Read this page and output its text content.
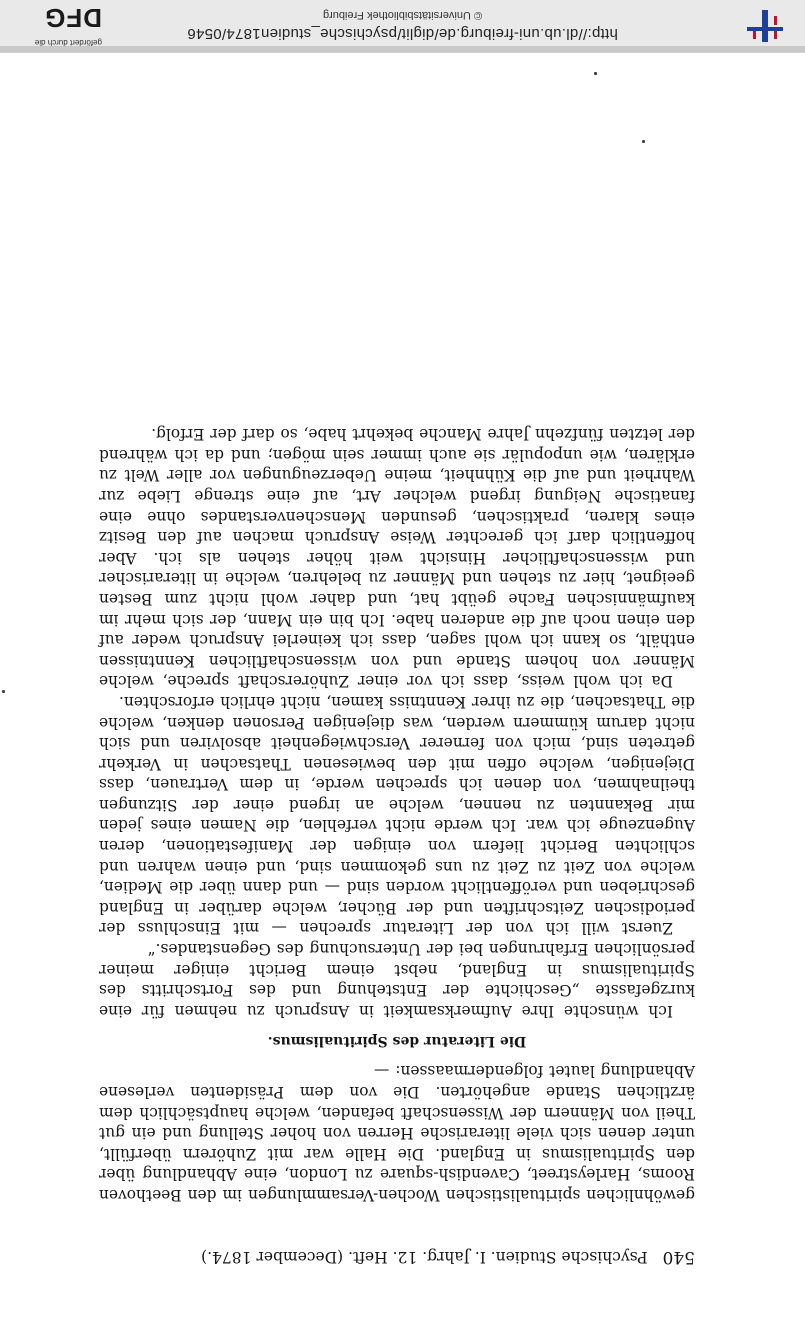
540 Psychische Studien. I. Jahrg. 12. Heft. (December 1874.)

gewöhnlichen spiritualistischen Wochen-Versammlungen im den Beethoven Rooms, Harleystreet, Cavendish-square zu London, eine Abhandlung über den Spiritualismus in England. Die Halle war mit Zuhörern überfüllt, unter denen sich viele literarische Herren von hoher Stellung und ein gut Theil von Männern der Wissenschaft befanden, welche hauptsächlich dem ärztlichen Stande angehörten. Die von dem Präsidenten verlesene Abhandlung lautet folgendermaassen: —

Die Literatur des Spiritualismus.

Ich wünschte Ihre Aufmerksamkeit in Anspruch zu nehmen für eine kurzgefasste „Geschichte der Entstehung und des Fortschritts des Spiritualismus in England, nebst einem Bericht einiger meiner persönlichen Erfahrungen bei der Untersuchung des Gegenstandes.“

Zuerst will ich von der Literatur sprechen — mit Einschluss der periodischen Zeitschriften und der Bücher, welche darüber in England geschrieben und veröffentlicht worden sind — und dann über die Medien, welche von Zeit zu Zeit zu uns gekommen sind, und einen wahren und schlichten Bericht liefern von einigen der Manifestationen, deren Augenzeuge ich war. Ich werde nicht verfehlen, die Namen eines jeden mir Bekannten zu nennen, welche an irgend einer der Sitzungen theilnahmen, von denen ich sprechen werde, in dem Vertrauen, dass Diejenigen, welche offen mit den bewiesenen Thatsachen in Verkehr getreten sind, mich von fernerer Verschwiegenheit absolviren und sich nicht darum kümmern werden, was diejenigen Personen denken, welche die Thatsachen, die zu ihrer Kenntniss kamen, nicht ehrlich erforschten.

Da ich wohl weiss, dass ich vor einer Zuhörerschaft spreche, welche Männer von hohem Stande und von wissenschaftlichen Kenntnissen enthält, so kann ich wohl sagen, dass ich keinerlei Anspruch weder auf den einen noch auf die anderen habe. Ich bin ein Mann, der sich mehr im kaufmännischen Fache geübt hat, und daher wohl nicht zum Besten geeignet, hier zu stehen und Männer zu belehren, welche in literarischer und wissenschaftlicher Hinsicht weit höher stehen als ich. Aber hoffentlich darf ich gerechter Weise Anspruch machen auf den Besitz eines klaren, praktischen, gesunden Menschenverstandes ohne eine fanatische Neigung irgend welcher Art, auf eine strenge Liebe zur Wahrheit und auf die Kühnheit, meine Ueberzeugungen vor aller Welt zu erklären, wie unpopulär sie auch immer sein mögen; und da ich während der letzten fünfzehn Jahre Manche bekehrt habe, so darf der Erfolg.

http://dl.ub.uni-freiburg.de/diglit/psychische_studien1874/0546
© Universitätsbibliothek Freiburg
gefördert durch die
DFG
